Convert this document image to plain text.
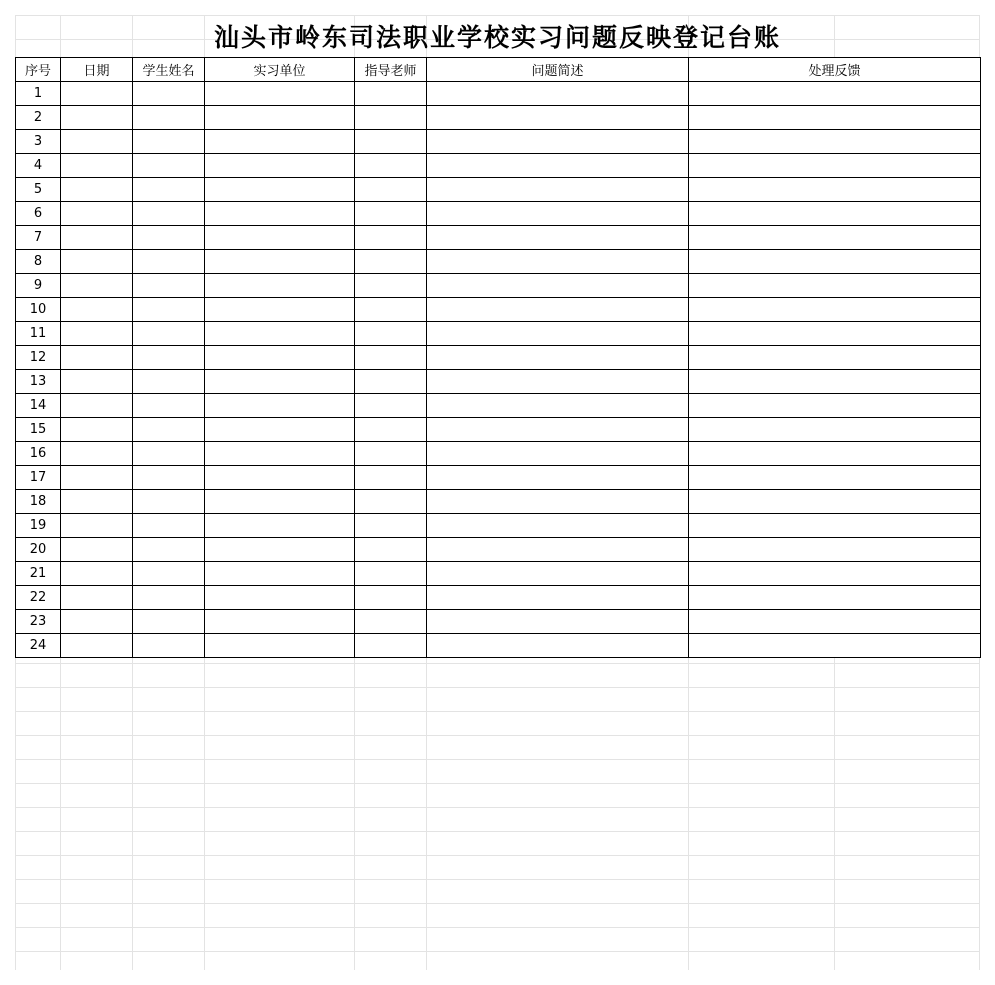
汕头市岭东司法职业学校实习问题反映登记台账
序号	日期	学生姓名	实习单位	指导老师	问题简述	处理反馈
1						
2						
3						
4						
5						
6						
7						
8						
9						
10						
11						
12						
13						
14						
15						
16						
17						
18						
19						
20						
21						
22						
23						
24						
